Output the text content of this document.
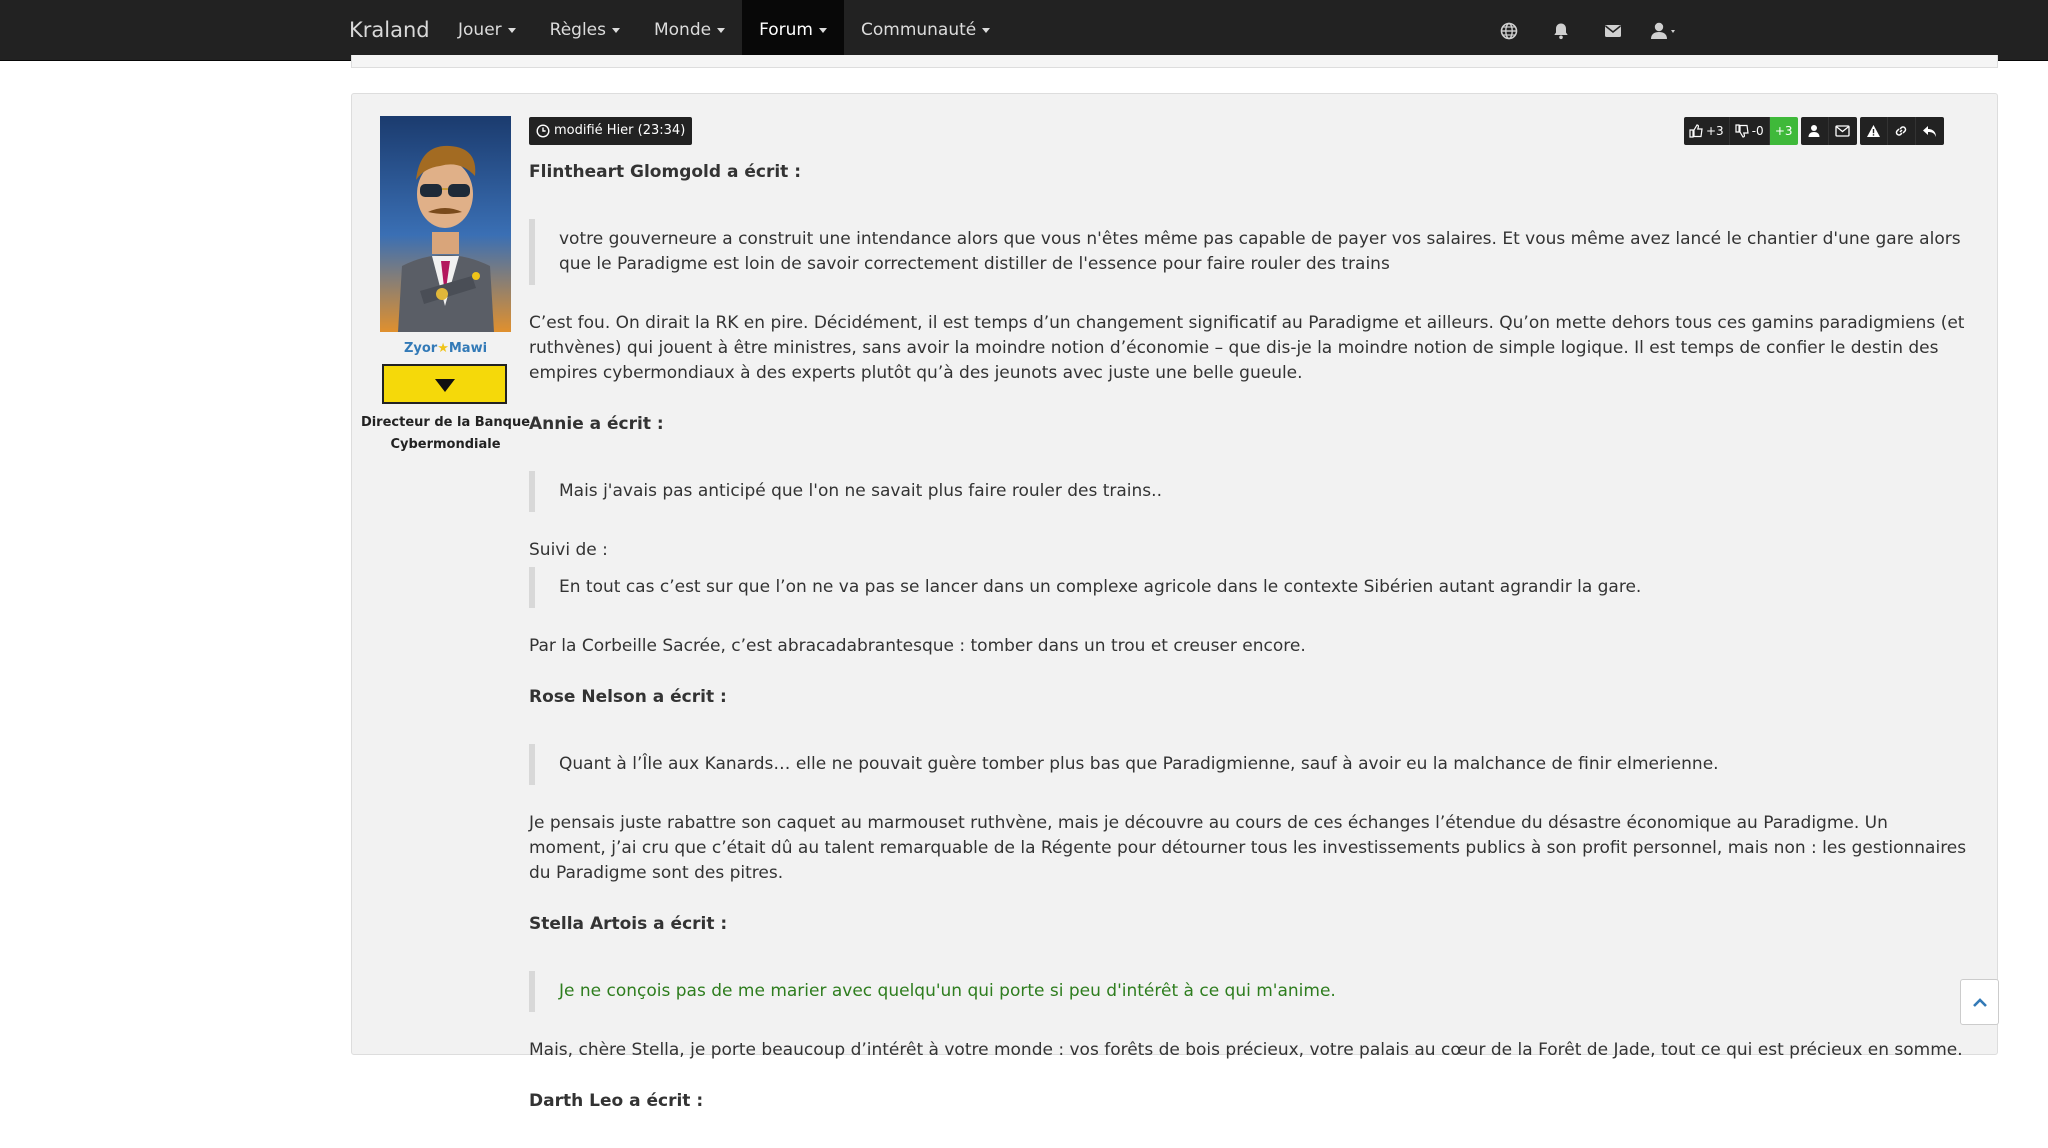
Kraland	Jouer	Règles	Monde	Forum	Communauté
Zyor★Mawi
Directeur de la Banque Cybermondiale
modifié Hier (23:34)	+3 -0 +3

Flintheart Glomgold a écrit :

votre gouverneure a construit une intendance alors que vous n'êtes même pas capable de payer vos salaires. Et vous même avez lancé le chantier d'une gare alors que le Paradigme est loin de savoir correctement distiller de l'essence pour faire rouler des trains

C’est fou. On dirait la RK en pire. Décidément, il est temps d’un changement significatif au Paradigme et ailleurs. Qu’on mette dehors tous ces gamins paradigmiens (et ruthvènes) qui jouent à être ministres, sans avoir la moindre notion d’économie – que dis-je la moindre notion de simple logique. Il est temps de confier le destin des empires cybermondiaux à des experts plutôt qu’à des jeunots avec juste une belle gueule.

Annie a écrit :

Mais j'avais pas anticipé que l'on ne savait plus faire rouler des trains..

Suivi de :

En tout cas c’est sur que l’on ne va pas se lancer dans un complexe agricole dans le contexte Sibérien autant agrandir la gare.

Par la Corbeille Sacrée, c’est abracadabrantesque : tomber dans un trou et creuser encore.

Rose Nelson a écrit :

Quant à l’Île aux Kanards… elle ne pouvait guère tomber plus bas que Paradigmienne, sauf à avoir eu la malchance de finir elmerienne.

Je pensais juste rabattre son caquet au marmouset ruthvène, mais je découvre au cours de ces échanges l’étendue du désastre économique au Paradigme. Un moment, j’ai cru que c’était dû au talent remarquable de la Régente pour détourner tous les investissements publics à son profit personnel, mais non : les gestionnaires du Paradigme sont des pitres.

Stella Artois a écrit :

Je ne conçois pas de me marier avec quelqu'un qui porte si peu d'intérêt à ce qui m'anime.

Mais, chère Stella, je porte beaucoup d’intérêt à votre monde : vos forêts de bois précieux, votre palais au cœur de la Forêt de Jade, tout ce qui est précieux en somme.

Darth Leo a écrit :
